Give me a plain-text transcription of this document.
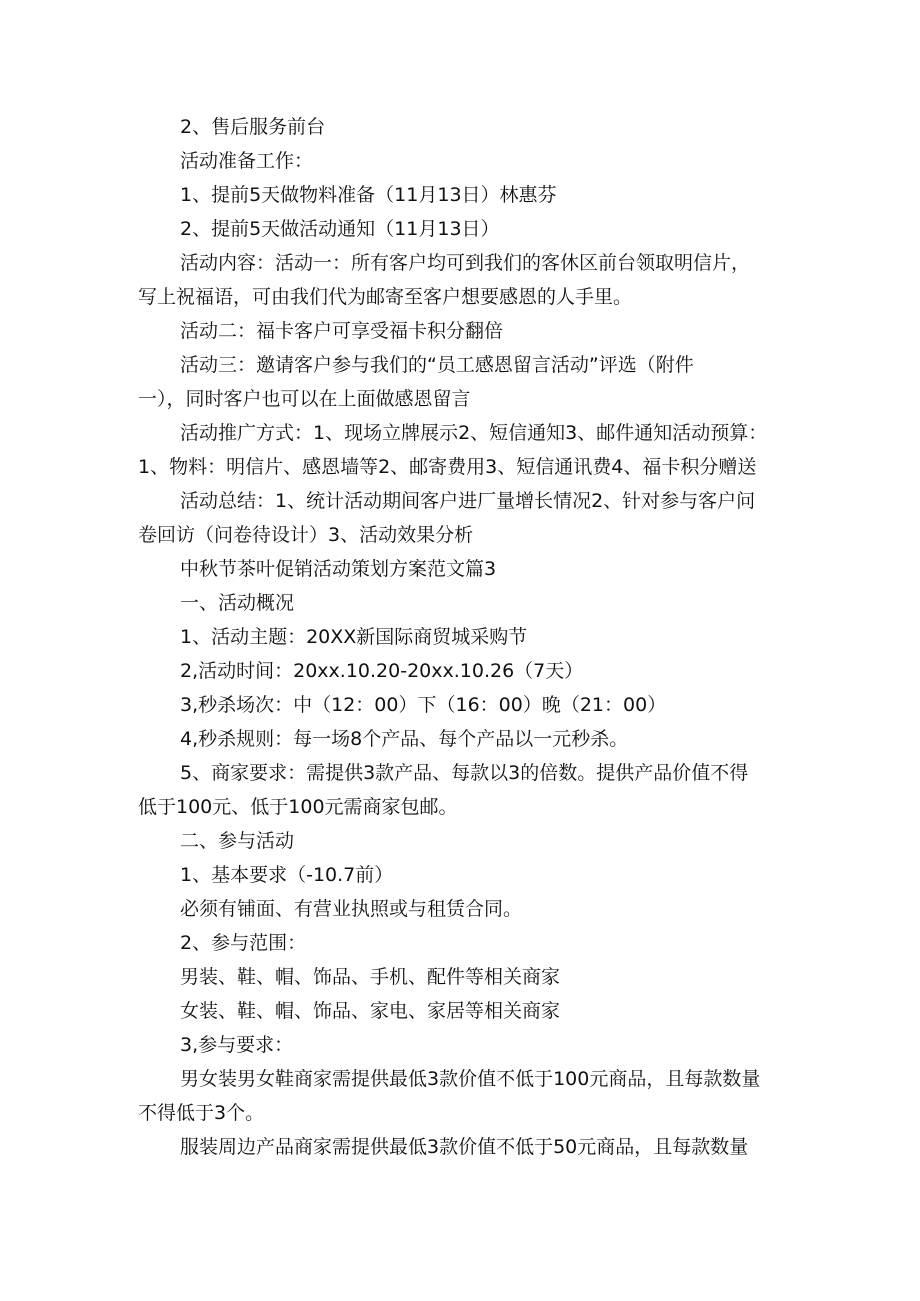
2、售后服务前台

活动准备工作：

1、提前5天做物料准备（11月13日）林惠芬

2、提前5天做活动通知（11月13日）

活动内容：活动一：所有客户均可到我们的客休区前台领取明信片，

写上祝福语，可由我们代为邮寄至客户想要感恩的人手里。

活动二：福卡客户可享受福卡积分翻倍

活动三：邀请客户参与我们的“员工感恩留言活动”评选（附件

一），同时客户也可以在上面做感恩留言

活动推广方式：1、现场立牌展示2、短信通知3、邮件通知活动预算：

1、物料：明信片、感恩墙等2、邮寄费用3、短信通讯费4、福卡积分赠送

活动总结：1、统计活动期间客户进厂量增长情况2、针对参与客户问

卷回访（问卷待设计）3、活动效果分析

中秋节茶叶促销活动策划方案范文篇3

一、活动概况

1、活动主题：20XX新国际商贸城采购节

2,活动时间：20xx.10.20-20xx.10.26（7天）

3,秒杀场次：中（12：00）下（16：00）晚（21：00）

4,秒杀规则：每一场8个产品、每个产品以一元秒杀。

5、商家要求：需提供3款产品、每款以3的倍数。提供产品价值不得

低于100元、低于100元需商家包邮。

二、参与活动

1、基本要求（-10.7前）

必须有铺面、有营业执照或与租赁合同。

2、参与范围：

男装、鞋、帽、饰品、手机、配件等相关商家

女装、鞋、帽、饰品、家电、家居等相关商家

3,参与要求：

男女装男女鞋商家需提供最低3款价值不低于100元商品，且每款数量

不得低于3个。

服装周边产品商家需提供最低3款价值不低于50元商品，且每款数量
